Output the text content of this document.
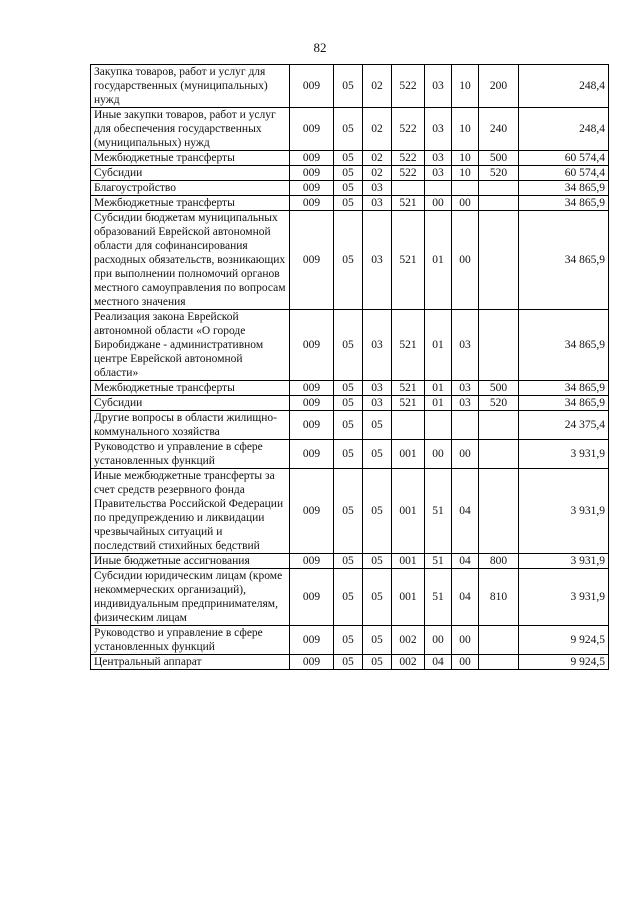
82
Закупка товаров, работ и услуг для государственных (муниципальных) нужд	009	05	02	522	03	10	200	248,4
Иные закупки товаров, работ и услуг для обеспечения государственных (муниципальных) нужд	009	05	02	522	03	10	240	248,4
Межбюджетные трансферты	009	05	02	522	03	10	500	60 574,4
Субсидии	009	05	02	522	03	10	520	60 574,4
Благоустройство	009	05	03					34 865,9
Межбюджетные трансферты	009	05	03	521	00	00		34 865,9
Субсидии бюджетам муниципальных образований Еврейской автономной области для софинансирования расходных обязательств, возникающих при выполнении полномочий органов местного самоуправления по вопросам местного значения	009	05	03	521	01	00		34 865,9
Реализация закона Еврейской автономной области «О городе Биробиджане - административном центре Еврейской автономной области»	009	05	03	521	01	03		34 865,9
Межбюджетные трансферты	009	05	03	521	01	03	500	34 865,9
Субсидии	009	05	03	521	01	03	520	34 865,9
Другие вопросы в области жилищно-коммунального хозяйства	009	05	05					24 375,4
Руководство и управление в сфере установленных функций	009	05	05	001	00	00		3 931,9
Иные межбюджетные трансферты за счет средств резервного фонда Правительства Российской Федерации по предупреждению и ликвидации чрезвычайных ситуаций и последствий стихийных бедствий	009	05	05	001	51	04		3 931,9
Иные бюджетные ассигнования	009	05	05	001	51	04	800	3 931,9
Субсидии юридическим лицам (кроме некоммерческих организаций), индивидуальным предпринимателям, физическим лицам	009	05	05	001	51	04	810	3 931,9
Руководство и управление в сфере установленных функций	009	05	05	002	00	00		9 924,5
Центральный аппарат	009	05	05	002	04	00		9 924,5
